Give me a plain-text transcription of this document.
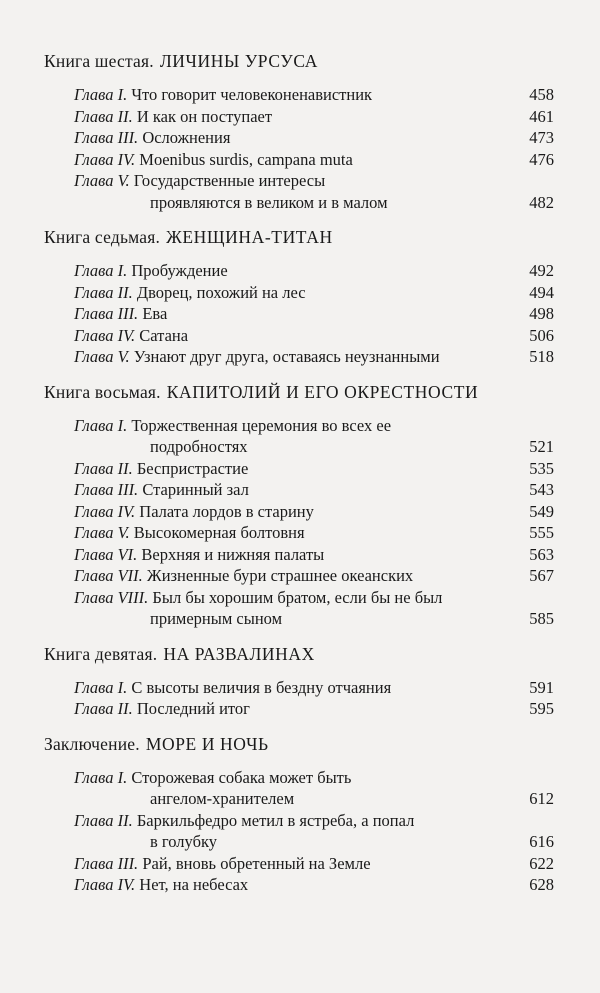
Книга шестая. ЛИЧИНЫ УРСУСА
Глава I. Что говорит человеконенавистник	458
Глава II. И как он поступает	461
Глава III. Осложнения	473
Глава IV. Moenibus surdis, campana muta	476
Глава V. Государственные интересы
проявляются в великом и в малом	482
Книга седьмая. ЖЕНЩИНА-ТИТАН
Глава I. Пробуждение	492
Глава II. Дворец, похожий на лес	494
Глава III. Ева	498
Глава IV. Сатана	506
Глава V. Узнают друг друга, оставаясь неузнанными	518
Книга восьмая. КАПИТОЛИЙ И ЕГО ОКРЕСТНОСТИ
Глава I. Торжественная церемония во всех ее
подробностях	521
Глава II. Беспристрастие	535
Глава III. Старинный зал	543
Глава IV. Палата лордов в старину	549
Глава V. Высокомерная болтовня	555
Глава VI. Верхняя и нижняя палаты	563
Глава VII. Жизненные бури страшнее океанских	567
Глава VIII. Был бы хорошим братом, если бы не был
примерным сыном	585
Книга девятая. НА РАЗВАЛИНАХ
Глава I. С высоты величия в бездну отчаяния	591
Глава II. Последний итог	595
Заключение. МОРЕ И НОЧЬ
Глава I. Сторожевая собака может быть
ангелом-хранителем	612
Глава II. Баркильфедро метил в ястреба, а попал
в голубку	616
Глава III. Рай, вновь обретенный на Земле	622
Глава IV. Нет, на небесах	628
